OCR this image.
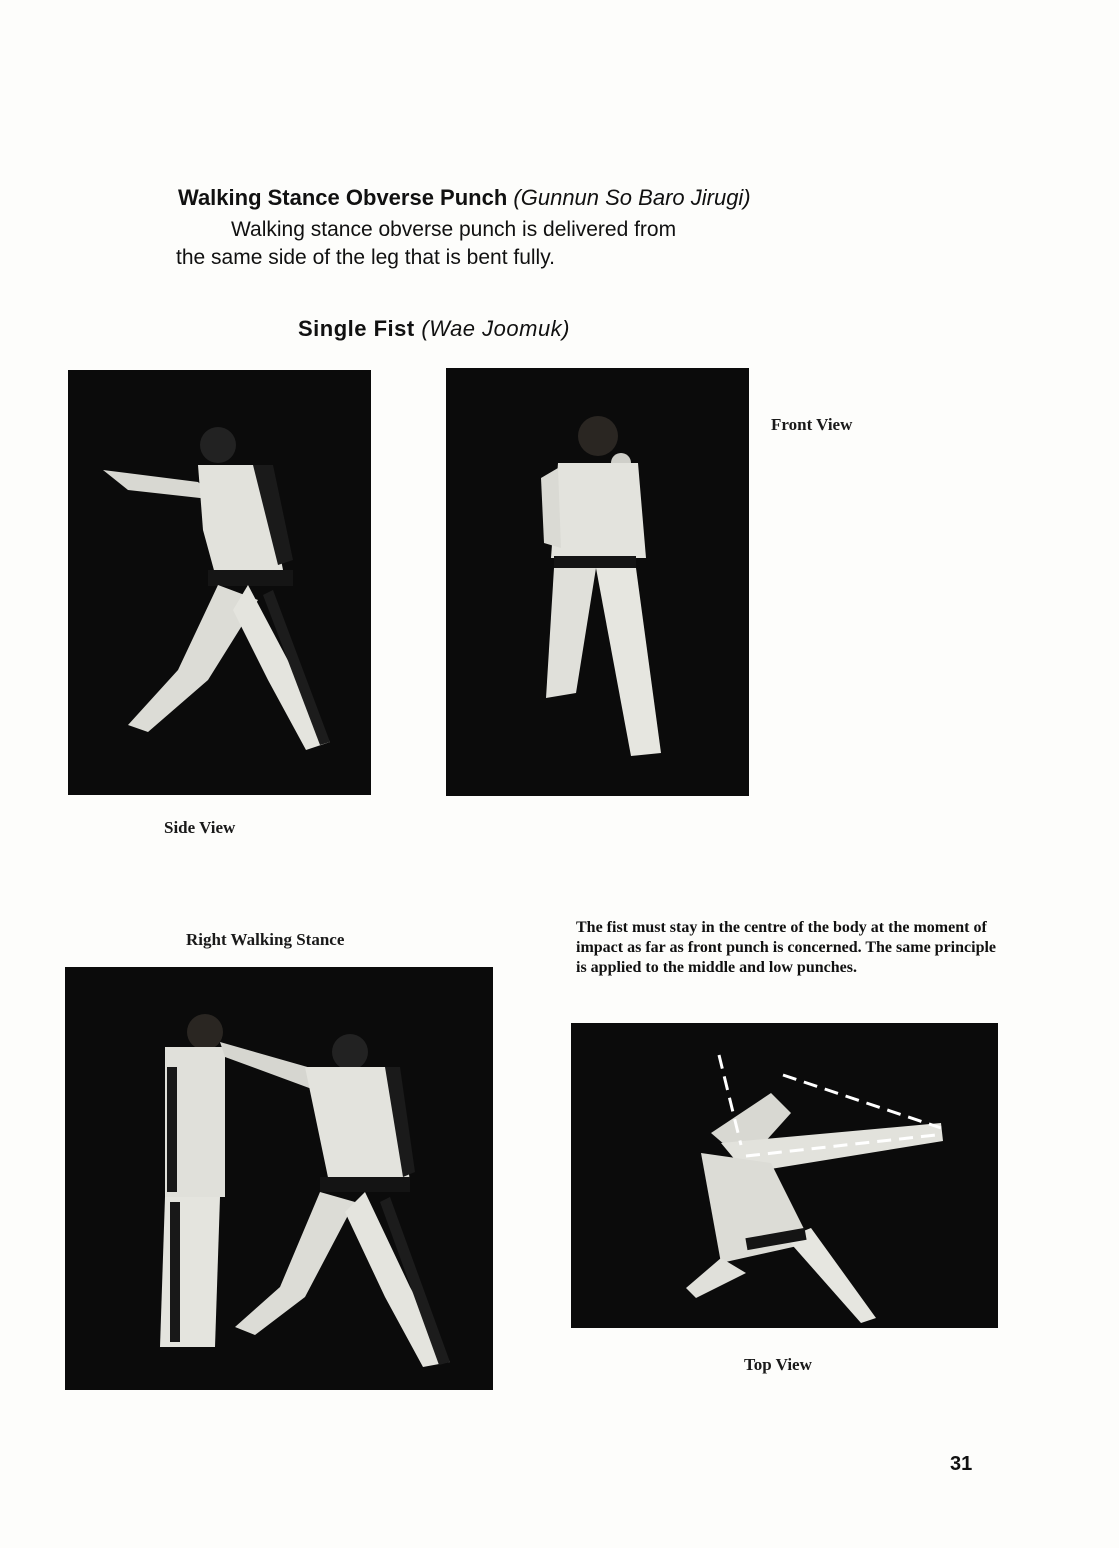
Walking Stance Obverse Punch (Gunnun So Baro Jirugi)
Walking stance obverse punch is delivered from
the same side of the leg that is bent fully.
Single Fist (Wae Joomuk)
Front View
Side View
Right Walking Stance
The fist must stay in the centre of the body at the moment of impact as far as front punch is concerned. The same principle is applied to the middle and low punches.
Top View
31
